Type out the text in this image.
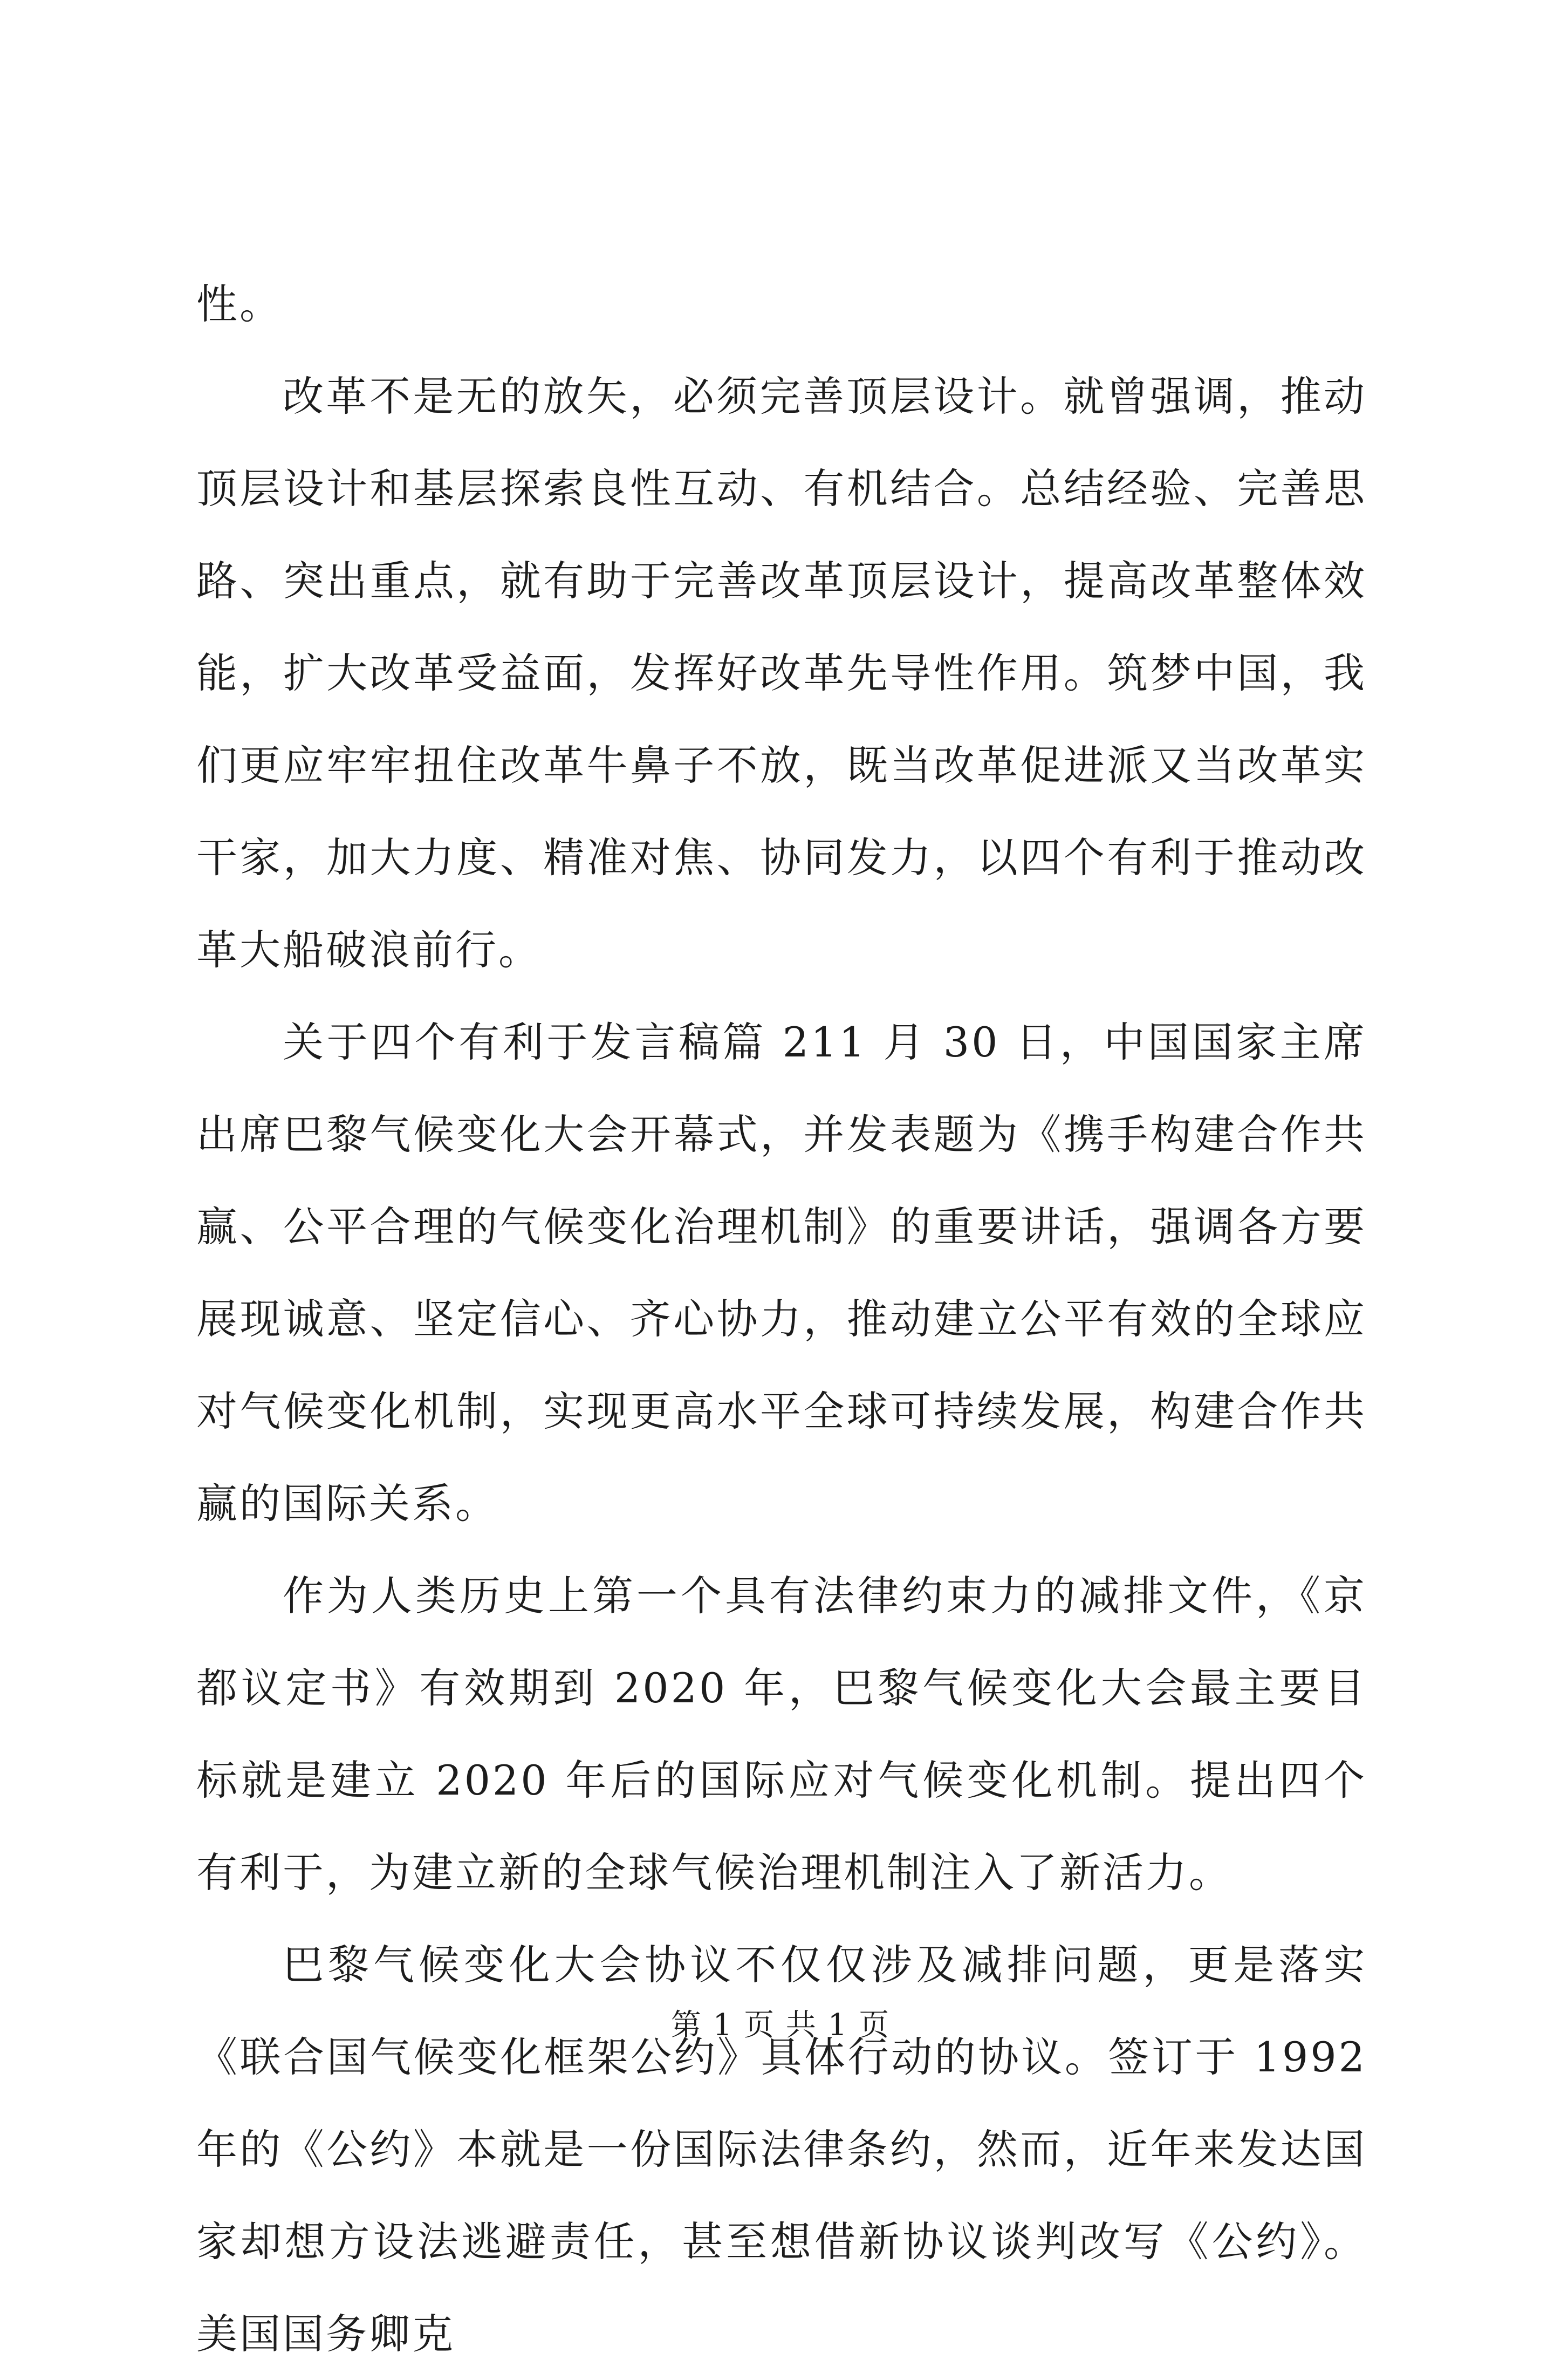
性。

改革不是无的放矢，必须完善顶层设计。就曾强调，推动顶层设计和基层探索良性互动、有机结合。总结经验、完善思路、突出重点，就有助于完善改革顶层设计，提高改革整体效能，扩大改革受益面，发挥好改革先导性作用。筑梦中国，我们更应牢牢扭住改革牛鼻子不放，既当改革促进派又当改革实干家，加大力度、精准对焦、协同发力，以四个有利于推动改革大船破浪前行。

关于四个有利于发言稿篇 211 月 30 日，中国国家主席出席巴黎气候变化大会开幕式，并发表题为《携手构建合作共赢、公平合理的气候变化治理机制》的重要讲话，强调各方要展现诚意、坚定信心、齐心协力，推动建立公平有效的全球应对气候变化机制，实现更高水平全球可持续发展，构建合作共赢的国际关系。

作为人类历史上第一个具有法律约束力的减排文件，《京都议定书》有效期到 2020 年，巴黎气候变化大会最主要目标就是建立 2020 年后的国际应对气候变化机制。提出四个有利于，为建立新的全球气候治理机制注入了新活力。

巴黎气候变化大会协议不仅仅涉及减排问题，更是落实《联合国气候变化框架公约》具体行动的协议。签订于 1992 年的《公约》本就是一份国际法律条约，然而，近年来发达国家却想方设法逃避责任，甚至想借新协议谈判改写《公约》。美国国务卿克

第 1 页 共 1 页
